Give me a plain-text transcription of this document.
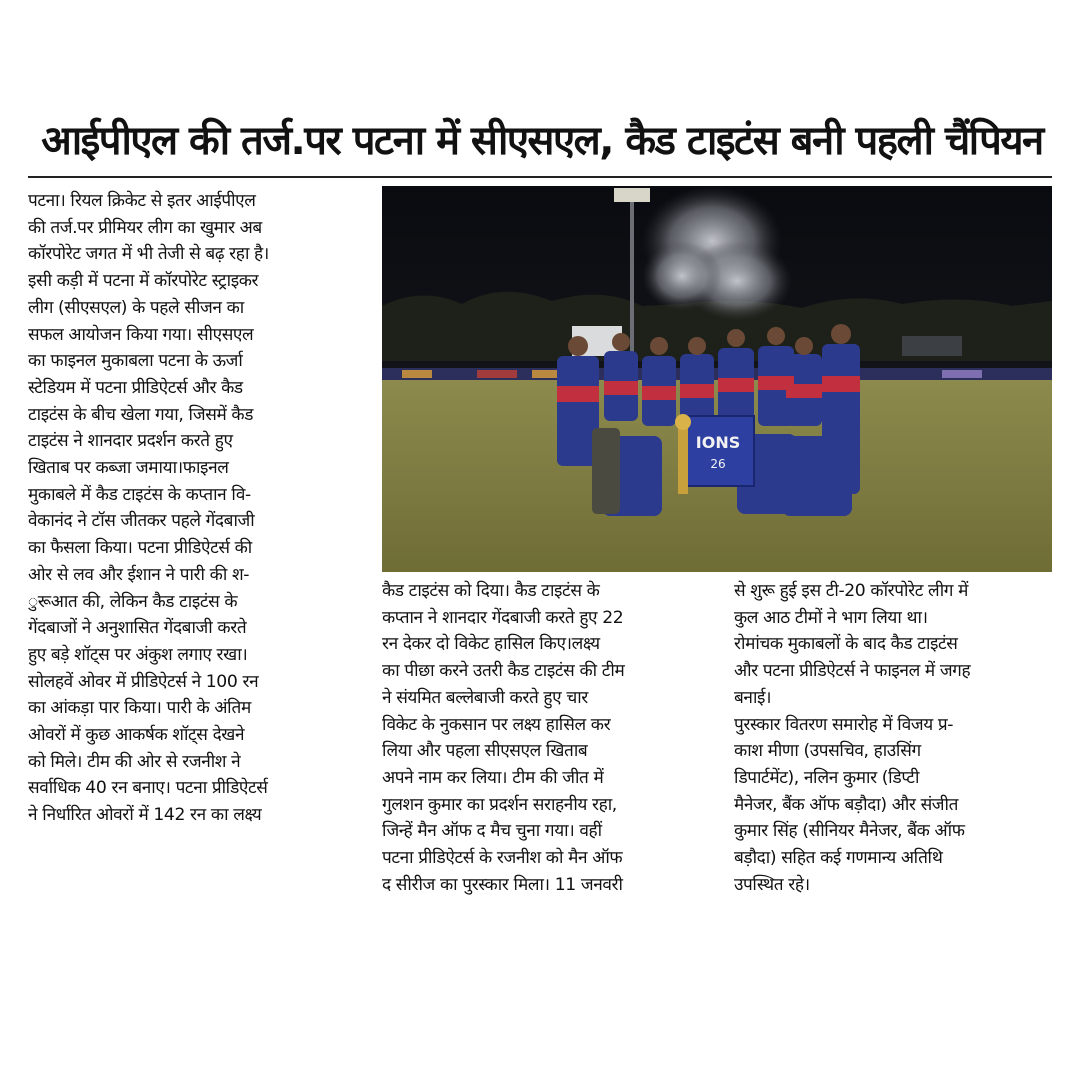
आईपीएल की तर्ज.पर पटना में सीएसएल, कैड टाइटंस बनी पहली चैंपियन
पटना। रियल क्रिकेट से इतर आईपीएल
की तर्ज.पर प्रीमियर लीग का खुमार अब
कॉरपोरेट जगत में भी तेजी से बढ़ रहा है।
इसी कड़ी में पटना में कॉरपोरेट स्ट्राइकर
लीग (सीएसएल) के पहले सीजन का
सफल आयोजन किया गया। सीएसएल
का फाइनल मुकाबला पटना के ऊर्जा
स्टेडियम में पटना प्रीडिऐटर्स और कैड
टाइटंस के बीच खेला गया, जिसमें कैड
टाइटंस ने शानदार प्रदर्शन करते हुए
खिताब पर कब्जा जमाया।फाइनल
मुकाबले में कैड टाइटंस के कप्तान वि-
वेकानंद ने टॉस जीतकर पहले गेंदबाजी
का फैसला किया। पटना प्रीडिऐटर्स की
ओर से लव और ईशान ने पारी की श-
ुरूआत की, लेकिन कैड टाइटंस के
गेंदबाजों ने अनुशासित गेंदबाजी करते
हुए बड़े शॉट्स पर अंकुश लगाए रखा।
सोलहवें ओवर में प्रीडिऐटर्स ने 100 रन
का आंकड़ा पार किया। पारी के अंतिम
ओवरों में कुछ आकर्षक शॉट्स देखने
को मिले। टीम की ओर से रजनीश ने
सर्वाधिक 40 रन बनाए। पटना प्रीडिऐटर्स
ने निर्धारित ओवरों में 142 रन का लक्ष्य
IONS
26
कैड टाइटंस को दिया। कैड टाइटंस के
कप्तान ने शानदार गेंदबाजी करते हुए 22
रन देकर दो विकेट हासिल किए।लक्ष्य
का पीछा करने उतरी कैड टाइटंस की टीम
ने संयमित बल्लेबाजी करते हुए चार
विकेट के नुकसान पर लक्ष्य हासिल कर
लिया और पहला सीएसएल खिताब
अपने नाम कर लिया। टीम की जीत में
गुलशन कुमार का प्रदर्शन सराहनीय रहा,
जिन्हें मैन ऑफ द मैच चुना गया। वहीं
पटना प्रीडिऐटर्स के रजनीश को मैन ऑफ
द सीरीज का पुरस्कार मिला। 11 जनवरी
से शुरू हुई इस टी-20 कॉरपोरेट लीग में
कुल आठ टीमों ने भाग लिया था।
रोमांचक मुकाबलों के बाद कैड टाइटंस
और पटना प्रीडिऐटर्स ने फाइनल में जगह
बनाई।
पुरस्कार वितरण समारोह में विजय प्र-
काश मीणा (उपसचिव, हाउसिंग
डिपार्टमेंट), नलिन कुमार (डिप्टी
मैनेजर, बैंक ऑफ बड़ौदा) और संजीत
कुमार सिंह (सीनियर मैनेजर, बैंक ऑफ
बड़ौदा) सहित कई गणमान्य अतिथि
उपस्थित रहे।
